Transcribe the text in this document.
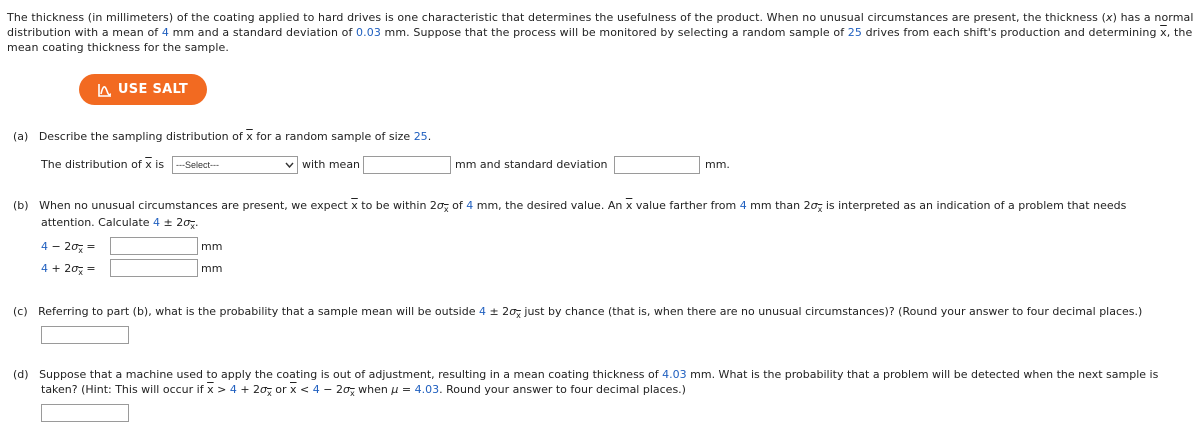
The thickness (in millimeters) of the coating applied to hard drives is one characteristic that determines the usefulness of the product. When no unusual circumstances are present, the thickness (x) has a normal distribution with a mean of 4 mm and a standard deviation of 0.03 mm. Suppose that the process will be monitored by selecting a random sample of 25 drives from each shift's production and determining $\overline{x}$, the mean coating thickness for the sample.
USE SALT
(a) Describe the sampling distribution of $\overline{x}$ for a random sample of size 25.
The distribution of $\overline{x}$ is ---Select---	with mean	mm and standard deviation	mm.
(b) When no unusual circumstances are present, we expect $\overline{x}$ to be within $2\sigma_{\overline{x}}$ of 4 mm, the desired value. An $\overline{x}$ value farther from 4 mm than $2\sigma_{\overline{x}}$ is interpreted as an indication of a problem that needs
attention. Calculate $4 \pm 2\sigma_{\overline{x}}$.
$4 - 2\sigma_{\overline{x}}$ =	mm
$4 + 2\sigma_{\overline{x}}$ =	mm
(c) Referring to part (b), what is the probability that a sample mean will be outside $4 \pm 2\sigma_{\overline{x}}$ just by chance (that is, when there are no unusual circumstances)? (Round your answer to four decimal places.)
(d) Suppose that a machine used to apply the coating is out of adjustment, resulting in a mean coating thickness of 4.03 mm. What is the probability that a problem will be detected when the next sample is
taken? (Hint: This will occur if $\overline{x} > 4 + 2\sigma_{\overline{x}}$ or $\overline{x} < 4 - 2\sigma_{\overline{x}}$ when μ = 4.03. Round your answer to four decimal places.)
